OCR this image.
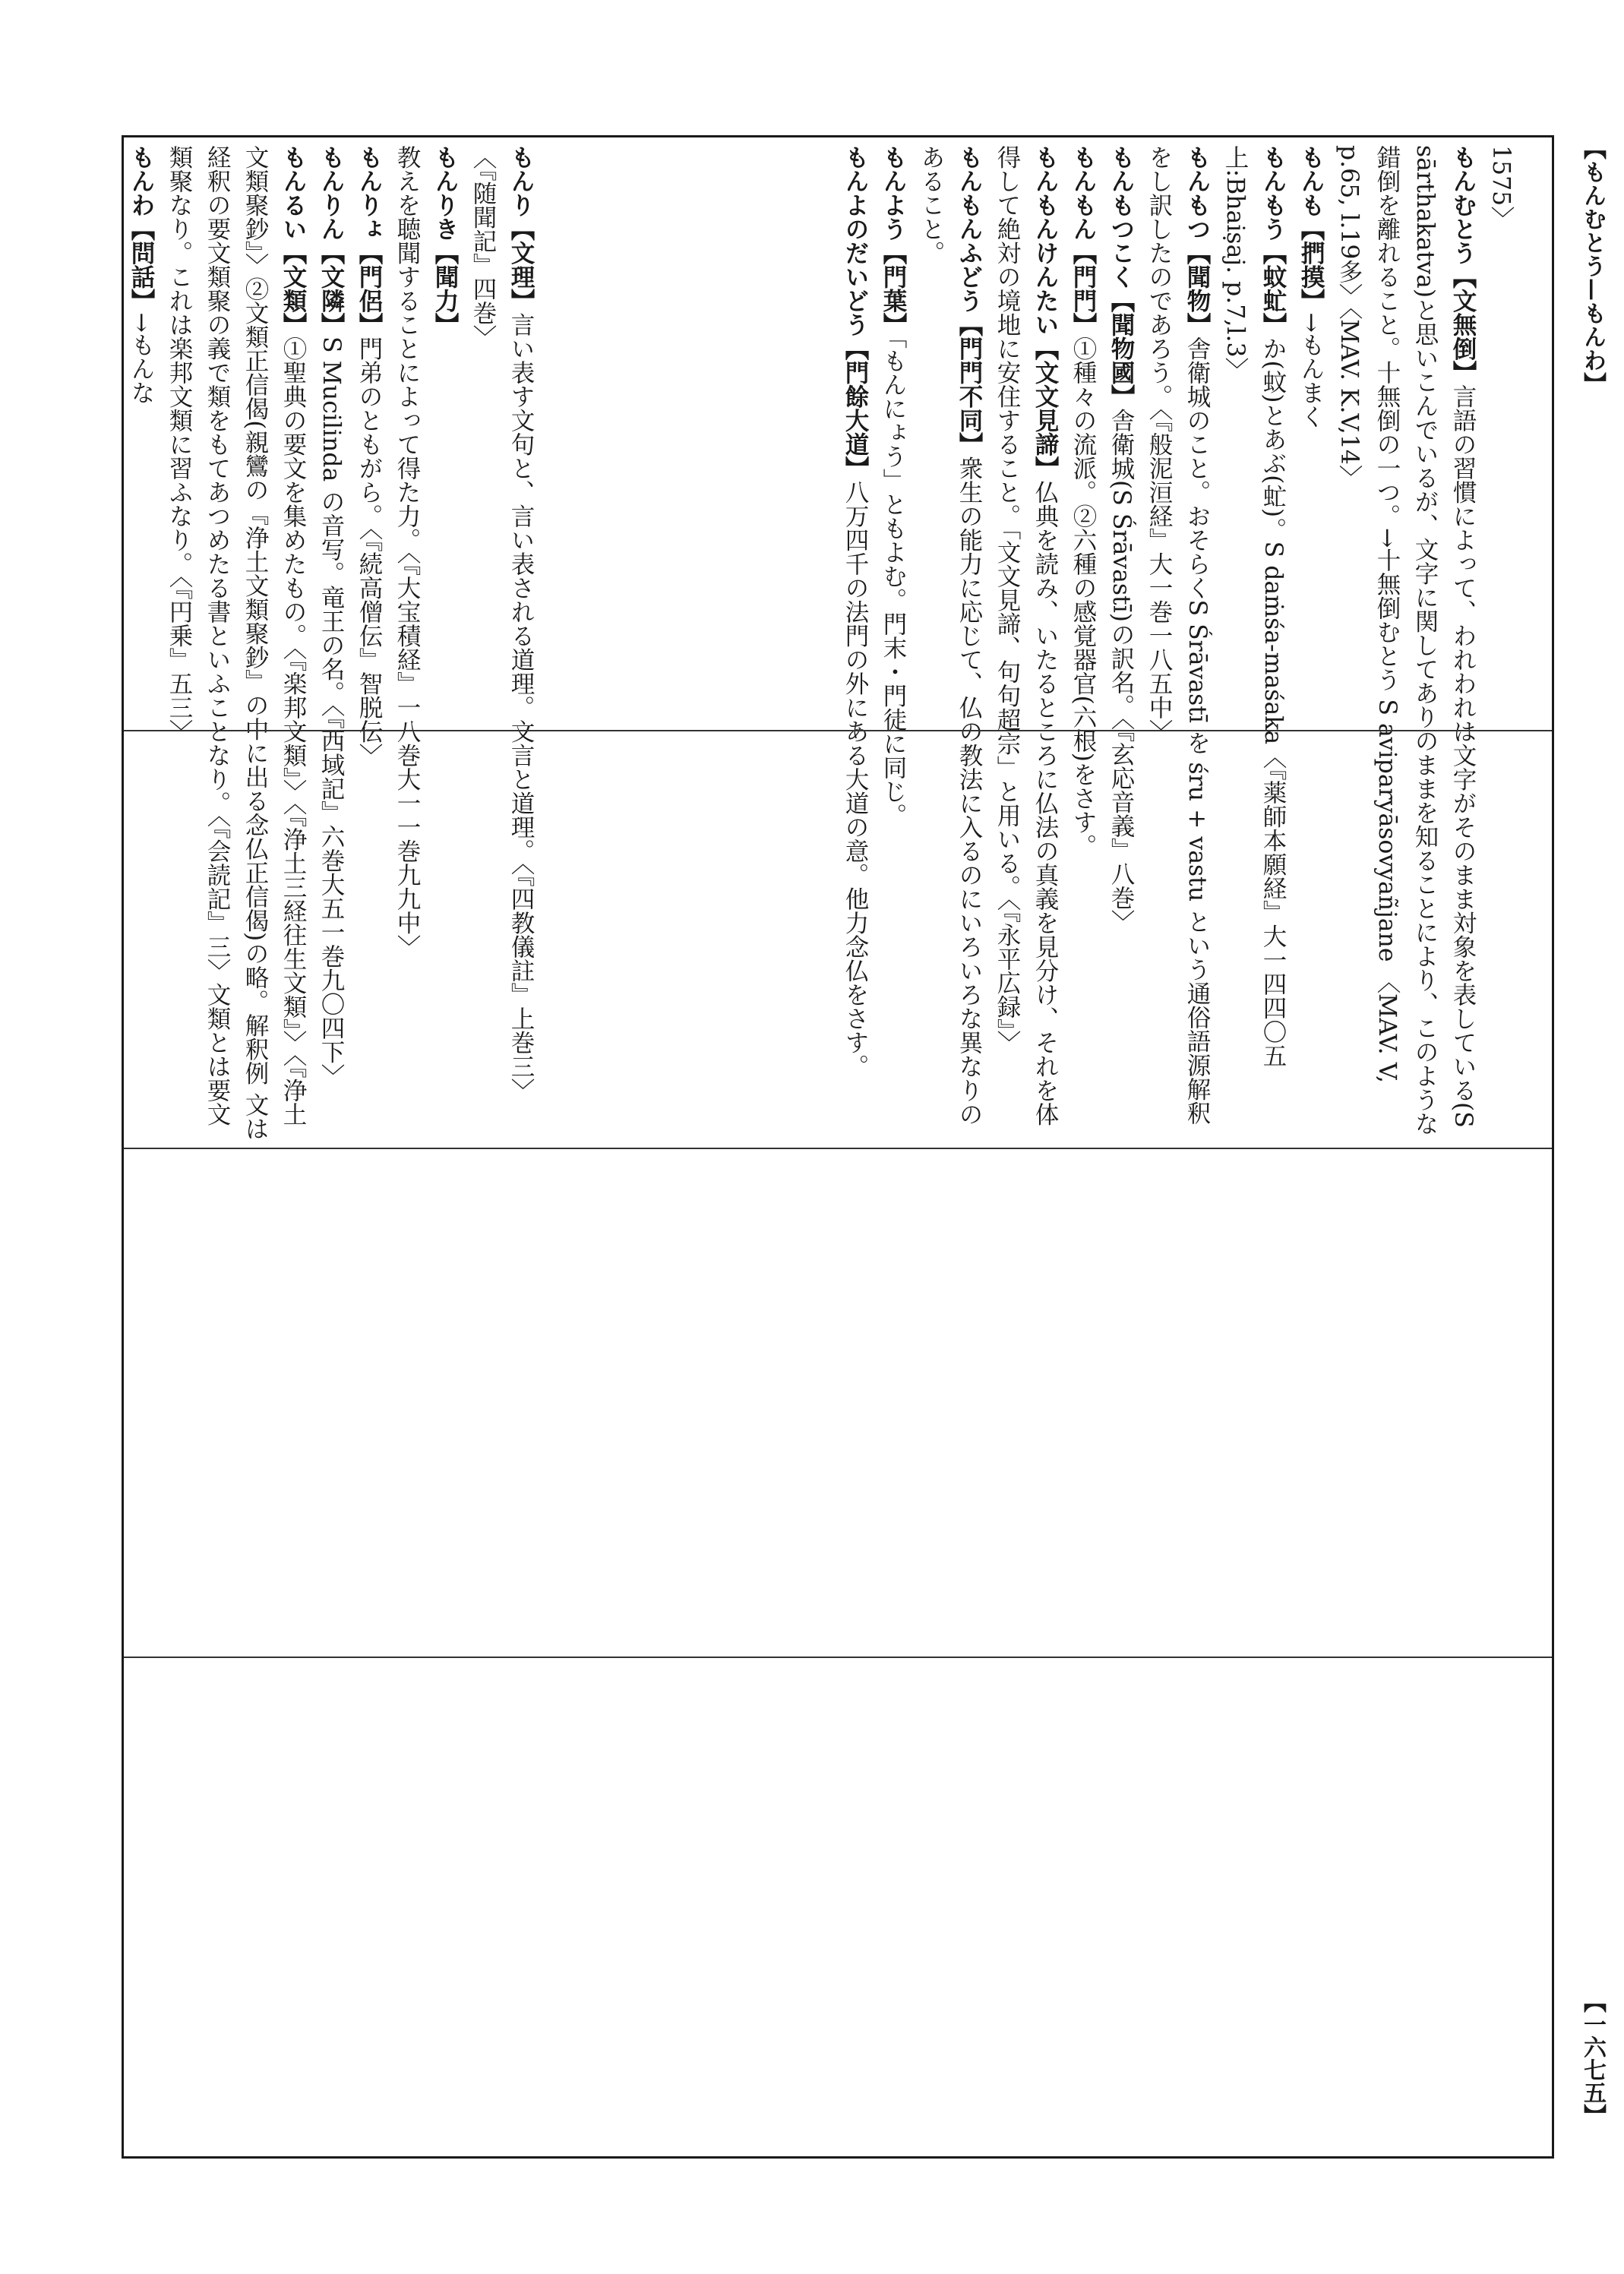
【もんむとう—もんわ】
【一六七五】

1575〉

もんむとう【文無倒】言語の習慣によって、われわれは文字がそのまま対象を表している(S sārthakatva)と思いこんでいるが、文字に関してありのままを知ることにより、このような錯倒を離れること。十無倒の一つ。→十無倒むとう S aviparyāsovyañjane 〈MAV. V, p.65, l.19多〉〈MAV. K.V,14〉

もんも【捫摸】→もんまく

もんもう【蚊虻】か(蚊)とあぶ(虻)。S daṁśa-maśaka〈『薬師本願経』大一四四〇五上:Bhaiṣaj. p.7,l.3〉

もんもつ【聞物】舎衛城のこと。おそらくS Śrāvastī を śru + vastu という通俗語源解釈をし訳したのであろう。〈『般泥洹経』大一巻一八五中〉

もんもつこく【聞物國】舎衛城(S Śrāvastī)の訳名。〈『玄応音義』八巻〉

もんもん【門門】①種々の流派。②六種の感覚器官(六根)をさす。

もんもんけんたい【文文見諦】仏典を読み、いたるところに仏法の真義を見分け、それを体得して絶対の境地に安住すること。「文文見諦、句句超宗」と用いる。〈『永平広録』〉

もんもんふどう【門門不同】衆生の能力に応じて、仏の教法に入るのにいろいろな異なりのあること。

もんよう【門葉】「もんにょう」ともよむ。門末・門徒に同じ。

もんよのだいどう【門餘大道】八万四千の法門の外にある大道の意。他力念仏をさす。

もんり【文理】言い表す文句と、言い表される道理。文言と道理。〈『四教儀註』上巻三〉〈『随聞記』四巻〉

もんりき【聞力】教えを聴聞することによって得た力。〈『大宝積経』一八巻大一一巻九九中〉

もんりょ【門侶】門弟のともがら。〈『続高僧伝』智脱伝〉

もんりん【文隣】S Mucilinda の音写。竜王の名。〈『西域記』六巻大五一巻九〇四下〉

もんるい【文類】①聖典の要文を集めたもの。〈『楽邦文類』〉〈『浄土三経往生文類』〉〈『浄土文類聚鈔』〉②文類正信偈(親鸞の『浄土文類聚鈔』の中に出る念仏正信偈)の略。解釈例 文は経釈の要文類聚の義で類をもてあつめたる書といふことなり。〈『会読記』三〉文類とは要文類聚なり。これは楽邦文類に習ふなり。〈『円乗』五三〉

もんわ【問話】→もんな
